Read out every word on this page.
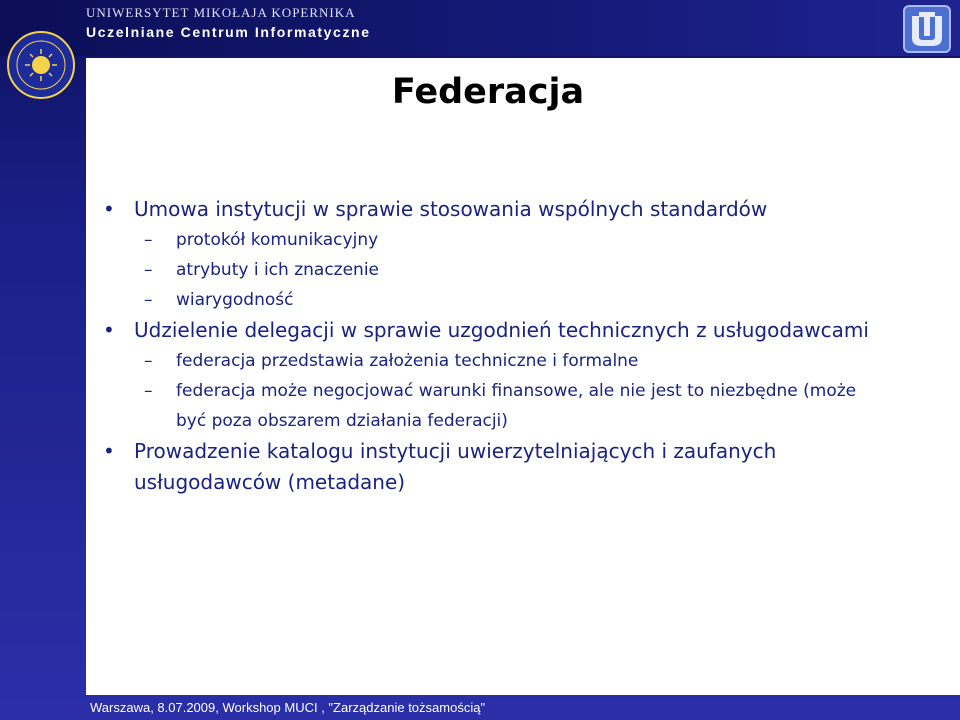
UNIWERSYTET MIKOŁAJA KOPERNIKA
Uczelniane Centrum Informatyczne
Federacja
• Umowa instytucji w sprawie stosowania wspólnych standardów
– protokół komunikacyjny
– atrybuty i ich znaczenie
– wiarygodność
• Udzielenie delegacji w sprawie uzgodnień technicznych z usługodawcami
– federacja przedstawia założenia techniczne i formalne
– federacja może negocjować warunki finansowe, ale nie jest to niezbędne (może być poza obszarem działania federacji)
• Prowadzenie katalogu instytucji uwierzytelniających i zaufanych usługodawców (metadane)
Warszawa, 8.07.2009, Workshop MUCI , "Zarządzanie tożsamością"
